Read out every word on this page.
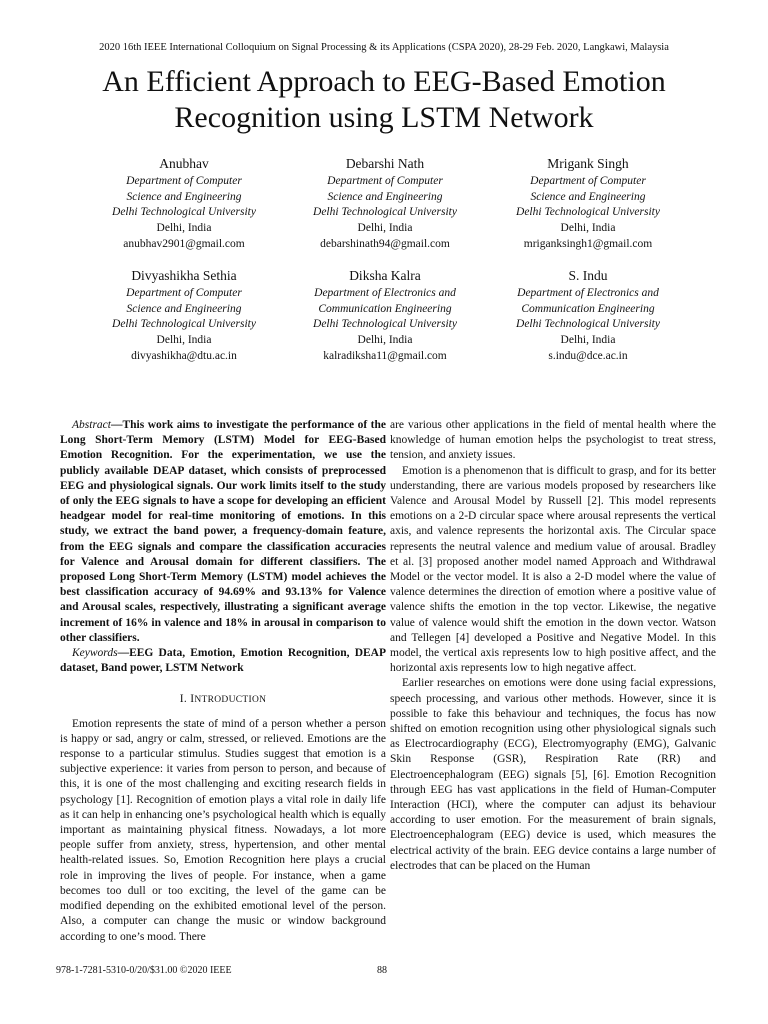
2020 16th IEEE International Colloquium on Signal Processing & its Applications (CSPA 2020), 28-29 Feb. 2020, Langkawi, Malaysia
An Efficient Approach to EEG-Based Emotion Recognition using LSTM Network
Anubhav
Department of Computer
Science and Engineering
Delhi Technological University
Delhi, India
anubhav2901@gmail.com
Debarshi Nath
Department of Computer
Science and Engineering
Delhi Technological University
Delhi, India
debarshinath94@gmail.com
Mrigank Singh
Department of Computer
Science and Engineering
Delhi Technological University
Delhi, India
mriganksingh1@gmail.com
Divyashikha Sethia
Department of Computer
Science and Engineering
Delhi Technological University
Delhi, India
divyashikha@dtu.ac.in
Diksha Kalra
Department of Electronics and
Communication Engineering
Delhi Technological University
Delhi, India
kalradiksha11@gmail.com
S. Indu
Department of Electronics and
Communication Engineering
Delhi Technological University
Delhi, India
s.indu@dce.ac.in

Abstract—This work aims to investigate the performance of the Long Short-Term Memory (LSTM) Model for EEG-Based Emotion Recognition. For the experimentation, we use the publicly available DEAP dataset, which consists of preprocessed EEG and physiological signals. Our work limits itself to the study of only the EEG signals to have a scope for developing an efficient headgear model for real-time monitoring of emotions. In this study, we extract the band power, a frequency-domain feature, from the EEG signals and compare the classification accuracies for Valence and Arousal domain for different classifiers. The proposed Long Short-Term Memory (LSTM) model achieves the best classification accuracy of 94.69% and 93.13% for Valence and Arousal scales, respectively, illustrating a significant average increment of 16% in valence and 18% in arousal in comparison to other classifiers.

Keywords—EEG Data, Emotion, Emotion Recognition, DEAP dataset, Band power, LSTM Network

I. INTRODUCTION

Emotion represents the state of mind of a person whether a person is happy or sad, angry or calm, stressed, or relieved. Emotions are the response to a particular stimulus. Studies suggest that emotion is a subjective experience: it varies from person to person, and because of this, it is one of the most challenging and exciting research fields in psychology [1]. Recognition of emotion plays a vital role in daily life as it can help in enhancing one’s psychological health which is equally important as maintaining physical fitness. Nowadays, a lot more people suffer from anxiety, stress, hypertension, and other mental health-related issues. So, Emotion Recognition here plays a crucial role in improving the lives of people. For instance, when a game becomes too dull or too exciting, the level of the game can be modified depending on the exhibited emotional level of the person. Also, a computer can change the music or window background according to one’s mood. There

are various other applications in the field of mental health where the knowledge of human emotion helps the psychologist to treat stress, tension, and anxiety issues.

Emotion is a phenomenon that is difficult to grasp, and for its better understanding, there are various models proposed by researchers like Valence and Arousal Model by Russell [2]. This model represents emotions on a 2-D circular space where arousal represents the vertical axis, and valence represents the horizontal axis. The Circular space represents the neutral valence and medium value of arousal. Bradley et al. [3] proposed another model named Approach and Withdrawal Model or the vector model. It is also a 2-D model where the value of valence determines the direction of emotion where a positive value of valence shifts the emotion in the top vector. Likewise, the negative value of valence would shift the emotion in the down vector. Watson and Tellegen [4] developed a Positive and Negative Model. In this model, the vertical axis represents low to high positive affect, and the horizontal axis represents low to high negative affect.

Earlier researches on emotions were done using facial expressions, speech processing, and various other methods. However, since it is possible to fake this behaviour and techniques, the focus has now shifted on emotion recognition using other physiological signals such as Electrocardiography (ECG), Electromyography (EMG), Galvanic Skin Response (GSR), Respiration Rate (RR) and Electroencephalogram (EEG) signals [5], [6]. Emotion Recognition through EEG has vast applications in the field of Human-Computer Interaction (HCI), where the computer can adjust its behaviour according to user emotion. For the measurement of brain signals, Electroencephalogram (EEG) device is used, which measures the electrical activity of the brain. EEG device contains a large number of electrodes that can be placed on the Human

978-1-7281-5310-0/20/$31.00 ©2020 IEEE	88
